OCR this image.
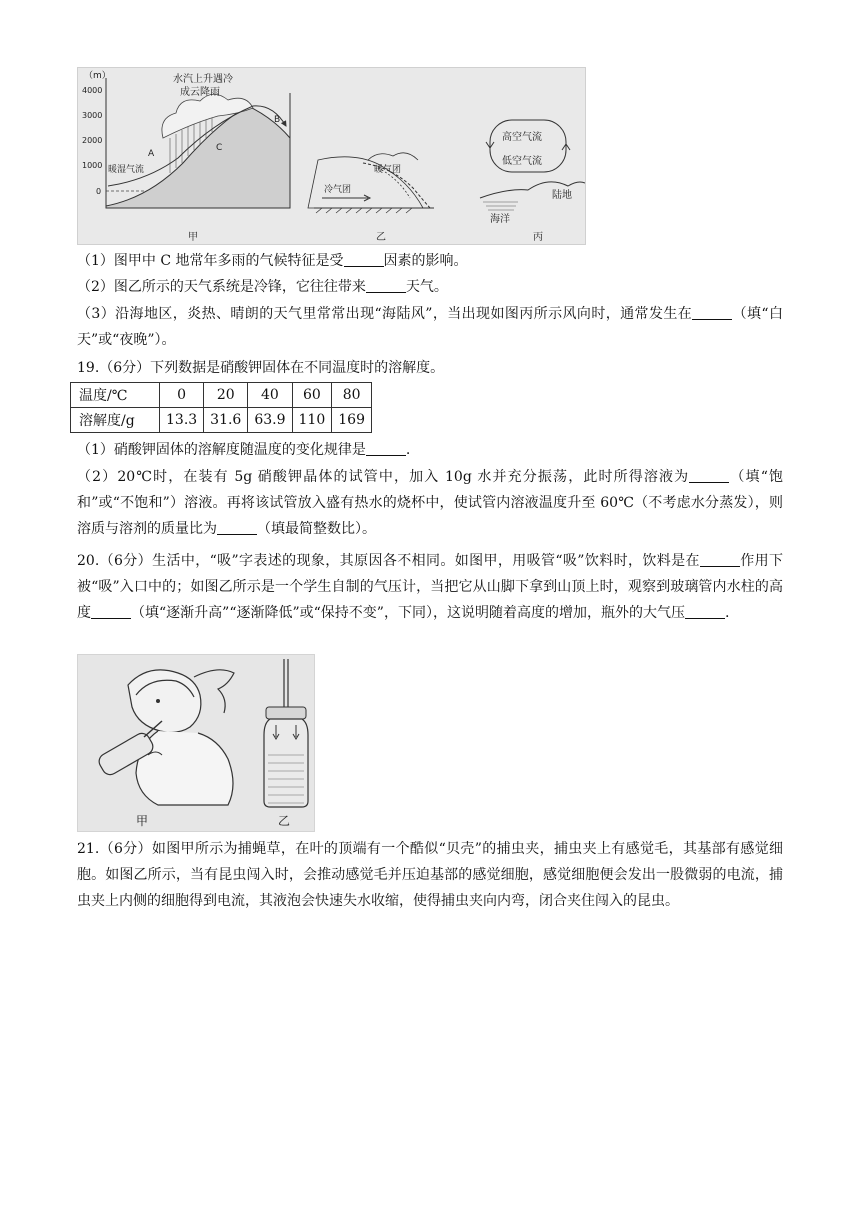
（m）
4000
3000
2000
1000
0
水汽上升遇冷
成云降雨
A
B
C
暖湿气流
甲
暖气团
冷气团
乙
高空气流
低空气流
海洋
陆地
丙
（1）图甲中 C 地常年多雨的气候特征是受	因素的影响。
（2）图乙所示的天气系统是冷锋，它往往带来	天气。
（3）沿海地区，炎热、晴朗的天气里常常出现“海陆风”，当出现如图丙所示风向时，通常发生在	（填“白天”或“夜晚”）。
19.（6分）下列数据是硝酸钾固体在不同温度时的溶解度。
温度/℃	0	20	40	60	80
溶解度/g	13.3	31.6	63.9	110	169
（1）硝酸钾固体的溶解度随温度的变化规律是	.
（2）20℃时，在装有 5g 硝酸钾晶体的试管中，加入 10g 水并充分振荡，此时所得溶液为	（填“饱和”或“不饱和”）溶液。再将该试管放入盛有热水的烧杯中，使试管内溶液温度升至 60℃（不考虑水分蒸发），则溶质与溶剂的质量比为	（填最简整数比）。
20.（6分）生活中，“吸”字表述的现象，其原因各不相同。如图甲，用吸管“吸”饮料时，饮料是在	作用下被“吸”入口中的；如图乙所示是一个学生自制的气压计，当把它从山脚下拿到山顶上时，观察到玻璃管内水柱的高度	（填“逐渐升高”“逐渐降低”或“保持不变”，下同），这说明随着高度的增加，瓶外的大气压	.
甲	乙
21.（6分）如图甲所示为捕蝇草，在叶的顶端有一个酷似“贝壳”的捕虫夹，捕虫夹上有感觉毛，其基部有感觉细胞。如图乙所示，当有昆虫闯入时，会推动感觉毛并压迫基部的感觉细胞，感觉细胞便会发出一股微弱的电流，捕虫夹上内侧的细胞得到电流，其液泡会快速失水收缩，使得捕虫夹向内弯，闭合夹住闯入的昆虫。
